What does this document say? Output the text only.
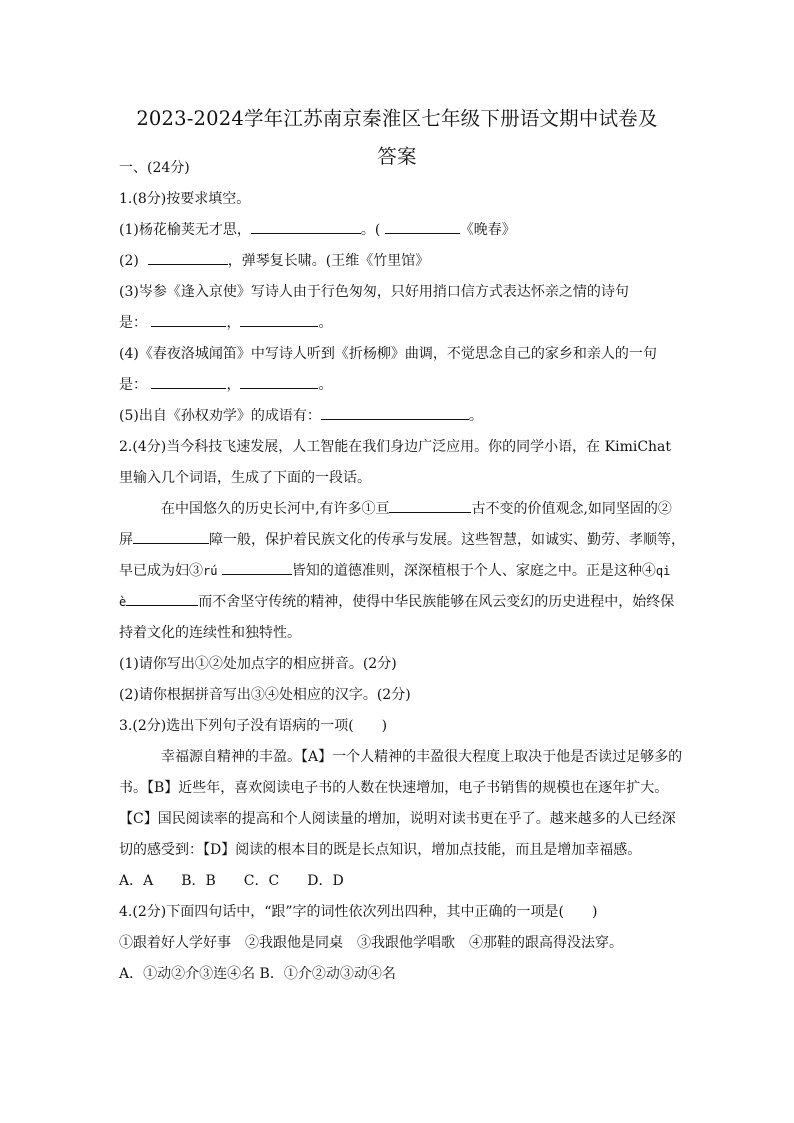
2023-2024学年江苏南京秦淮区七年级下册语文期中试卷及
答案
一、(24分)
1.(8分)按要求填空。
(1)杨花榆荚无才思，	。(	《晚春》
(2)	，弹琴复长啸。(王维《竹里馆》
(3)岑参《逢入京使》写诗人由于行色匆匆，只好用捎口信方式表达怀亲之情的诗句
是：	，	。
(4)《春夜洛城闻笛》中写诗人听到《折杨柳》曲调，不觉思念自己的家乡和亲人的一句
是：	，	。
(5)出自《孙权劝学》的成语有：	。
2.(4分)当今科技飞速发展，人工智能在我们身边广泛应用。你的同学小语，在 KimiChat
里输入几个词语，生成了下面的一段话。
在中国悠久的历史长河中,有许多①亘	古不变的价值观念,如同坚固的②
屏	障一般，保护着民族文化的传承与发展。这些智慧，如诚实、勤劳、孝顺等，
早已成为妇③rú	皆知的道德准则，深深植根于个人、家庭之中。正是这种④qi
è	而不舍坚守传统的精神，使得中华民族能够在风云变幻的历史进程中，始终保
持着文化的连续性和独特性。
(1)请你写出①②处加点字的相应拼音。(2分)
(2)请你根据拼音写出③④处相应的汉字。(2分)
3.(2分)选出下列句子没有语病的一项(　　)
幸福源自精神的丰盈。【A】一个人精神的丰盈很大程度上取决于他是否读过足够多的
书。【B】近些年，喜欢阅读电子书的人数在快速增加，电子书销售的规模也在逐年扩大。
【C】国民阅读率的提高和个人阅读量的增加，说明对读书更在乎了。越来越多的人已经深
切的感受到：【D】阅读的根本目的既是长点知识，增加点技能，而且是增加幸福感。
A．A　　B．B　　C．C　　D．D
4.(2分)下面四句话中，“跟”字的词性依次列出四种，其中正确的一项是(　　)
①跟着好人学好事　②我跟他是同桌　③我跟他学唱歌　④那鞋的跟高得没法穿。
A．①动②介③连④名 B．①介②动③动④名
